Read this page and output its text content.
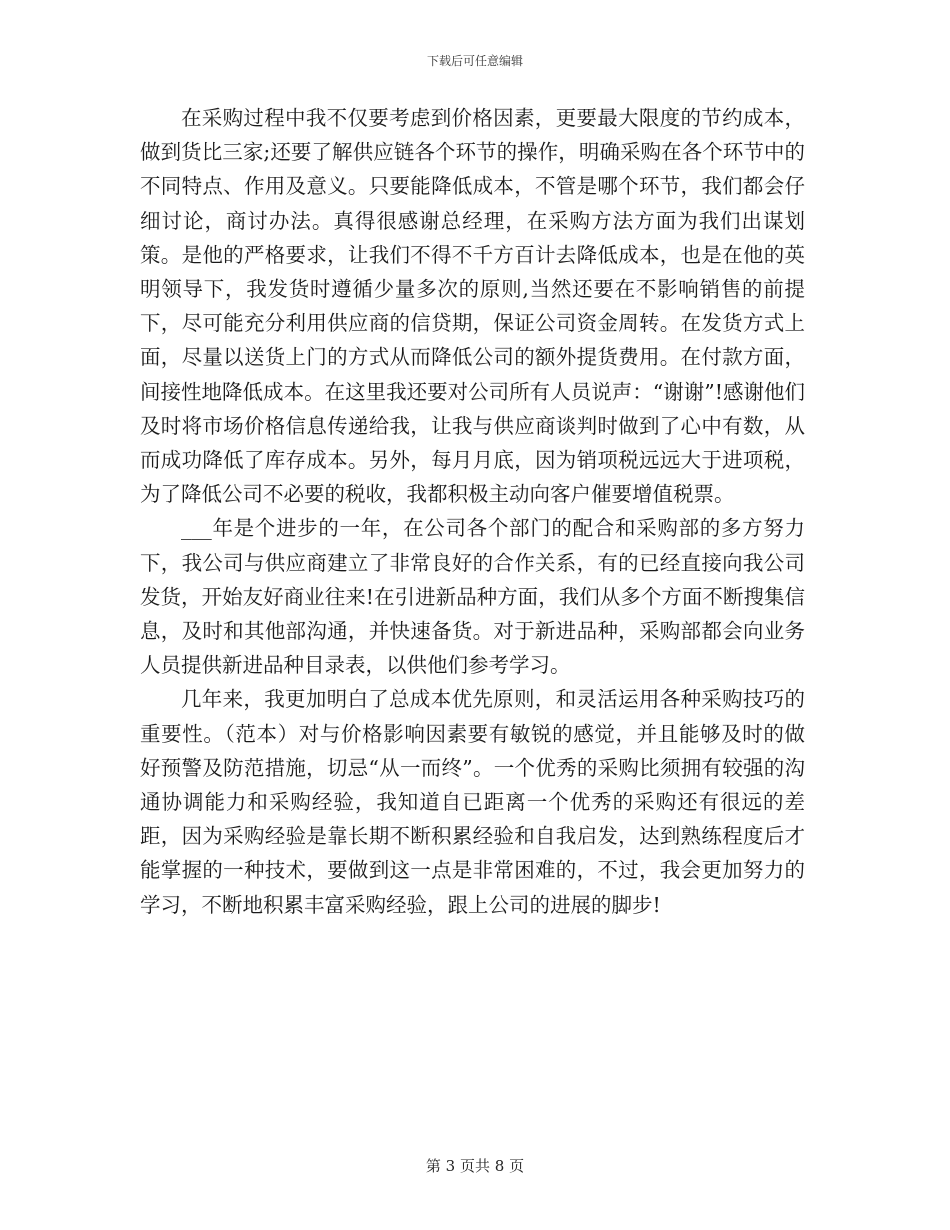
下载后可任意编辑

在采购过程中我不仅要考虑到价格因素，更要最大限度的节约成本，做到货比三家;还要了解供应链各个环节的操作，明确采购在各个环节中的不同特点、作用及意义。只要能降低成本，不管是哪个环节，我们都会仔细讨论，商讨办法。真得很感谢总经理，在采购方法方面为我们出谋划策。是他的严格要求，让我们不得不千方百计去降低成本，也是在他的英明领导下，我发货时遵循少量多次的原则,当然还要在不影响销售的前提下，尽可能充分利用供应商的信贷期，保证公司资金周转。在发货方式上面，尽量以送货上门的方式从而降低公司的额外提货费用。在付款方面，间接性地降低成本。在这里我还要对公司所有人员说声：“谢谢”!感谢他们及时将市场价格信息传递给我，让我与供应商谈判时做到了心中有数，从而成功降低了库存成本。另外，每月月底，因为销项税远远大于进项税，为了降低公司不必要的税收，我都积极主动向客户催要增值税票。

___年是个进步的一年，在公司各个部门的配合和采购部的多方努力下，我公司与供应商建立了非常良好的合作关系，有的已经直接向我公司发货，开始友好商业往来!在引进新品种方面，我们从多个方面不断搜集信息，及时和其他部沟通，并快速备货。对于新进品种，采购部都会向业务人员提供新进品种目录表，以供他们参考学习。

几年来，我更加明白了总成本优先原则，和灵活运用各种采购技巧的重要性。（范本）对与价格影响因素要有敏锐的感觉，并且能够及时的做好预警及防范措施，切忌“从一而终”。一个优秀的采购比须拥有较强的沟通协调能力和采购经验，我知道自已距离一个优秀的采购还有很远的差距，因为采购经验是靠长期不断积累经验和自我启发，达到熟练程度后才能掌握的一种技术，要做到这一点是非常困难的，不过，我会更加努力的学习，不断地积累丰富采购经验，跟上公司的进展的脚步!

第 3 页共 8 页
